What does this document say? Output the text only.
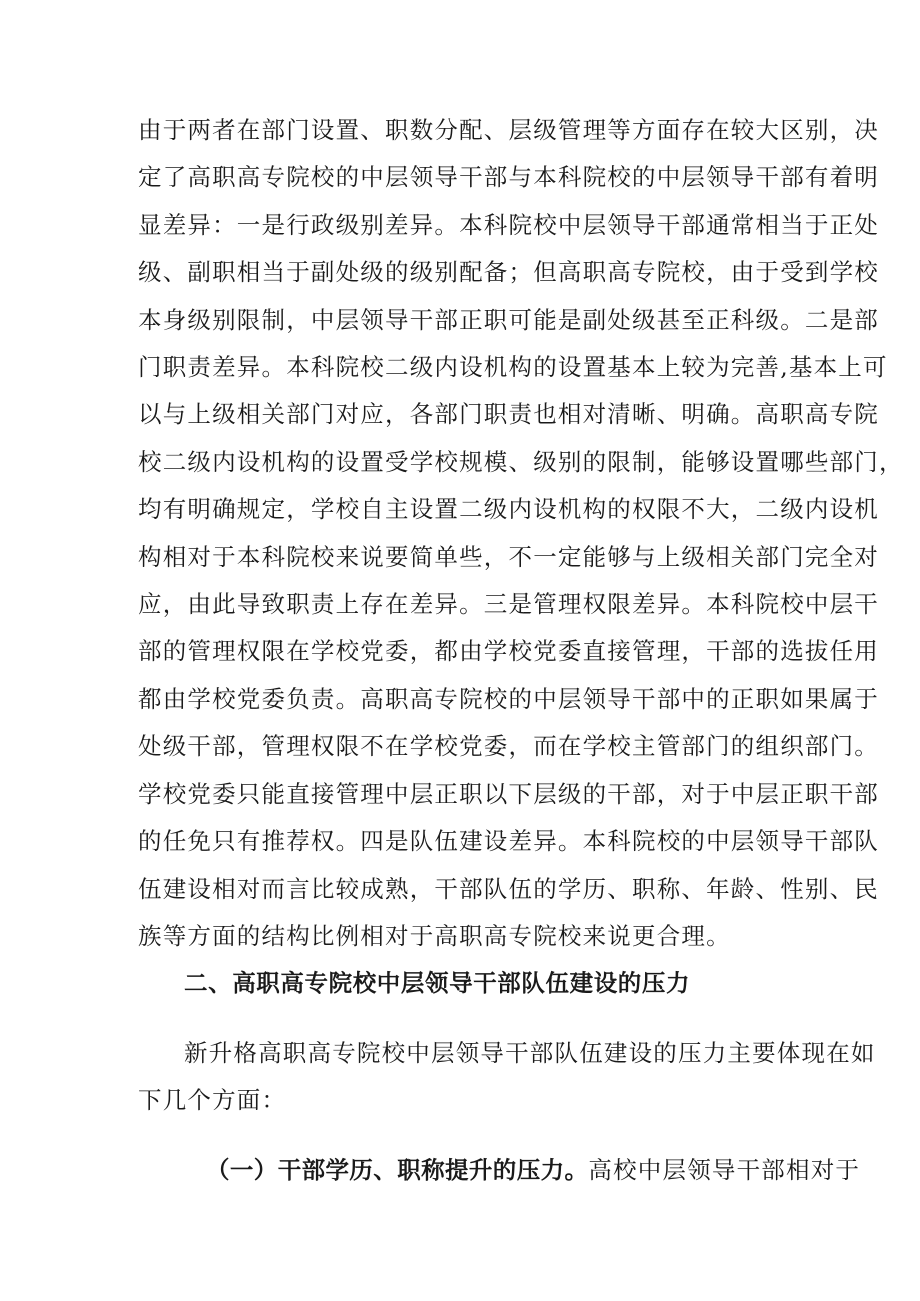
由于两者在部门设置、职数分配、层级管理等方面存在较大区别，决
定了高职高专院校的中层领导干部与本科院校的中层领导干部有着明
显差异：一是行政级别差异。本科院校中层领导干部通常相当于正处
级、副职相当于副处级的级别配备；但高职高专院校，由于受到学校
本身级别限制，中层领导干部正职可能是副处级甚至正科级。二是部
门职责差异。本科院校二级内设机构的设置基本上较为完善,基本上可
以与上级相关部门对应，各部门职责也相对清晰、明确。高职高专院
校二级内设机构的设置受学校规模、级别的限制，能够设置哪些部门，
均有明确规定，学校自主设置二级内设机构的权限不大，二级内设机
构相对于本科院校来说要简单些，不一定能够与上级相关部门完全对
应，由此导致职责上存在差异。三是管理权限差异。本科院校中层干
部的管理权限在学校党委，都由学校党委直接管理，干部的选拔任用
都由学校党委负责。高职高专院校的中层领导干部中的正职如果属于
处级干部，管理权限不在学校党委，而在学校主管部门的组织部门。
学校党委只能直接管理中层正职以下层级的干部，对于中层正职干部
的任免只有推荐权。四是队伍建设差异。本科院校的中层领导干部队
伍建设相对而言比较成熟，干部队伍的学历、职称、年龄、性别、民
族等方面的结构比例相对于高职高专院校来说更合理。
二、高职高专院校中层领导干部队伍建设的压力
新升格高职高专院校中层领导干部队伍建设的压力主要体现在如
下几个方面：
（一）干部学历、职称提升的压力。高校中层领导干部相对于
